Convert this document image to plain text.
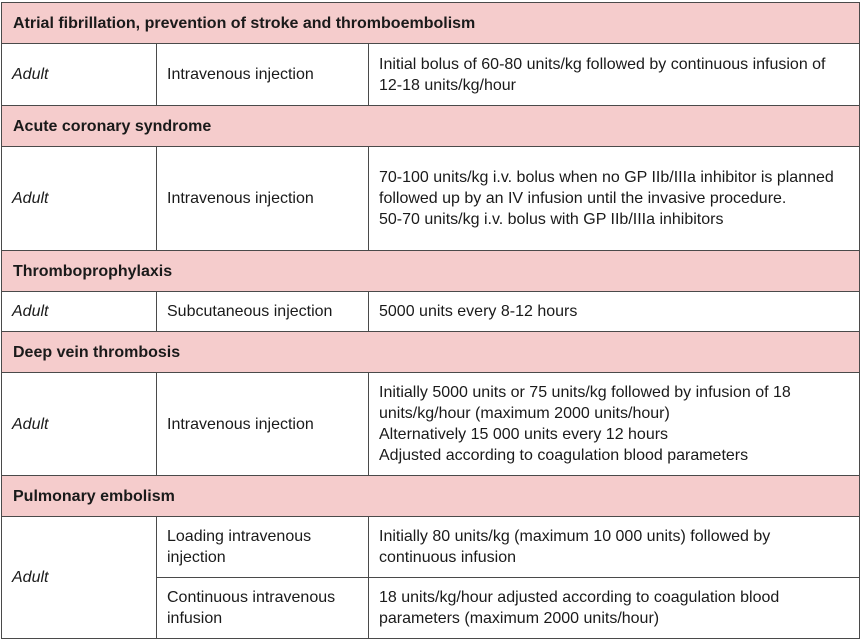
Atrial fibrillation, prevention of stroke and thromboembolism		
Adult	Intravenous injection	Initial bolus of 60-80 units/kg followed by continuous infusion of 12-18 units/kg/hour

Acute coronary syndrome		
Adult	Intravenous injection	70-100 units/kg i.v. bolus when no GP IIb/IIIa inhibitor is planned followed up by an IV infusion until the invasive procedure.
50-70 units/kg i.v. bolus with GP IIb/IIIa inhibitors

Thromboprophylaxis		
Adult	Subcutaneous injection	5000 units every 8-12 hours

Deep vein thrombosis		
Adult	Intravenous injection	Initially 5000 units or 75 units/kg followed by infusion of 18 units/kg/hour (maximum 2000 units/hour)
Alternatively 15 000 units every 12 hours
Adjusted according to coagulation blood parameters

Pulmonary embolism		
Adult	Loading intravenous injection	Initially 80 units/kg (maximum 10 000 units) followed by continuous infusion

	Continuous intravenous infusion	18 units/kg/hour adjusted according to coagulation blood parameters (maximum 2000 units/hour)
